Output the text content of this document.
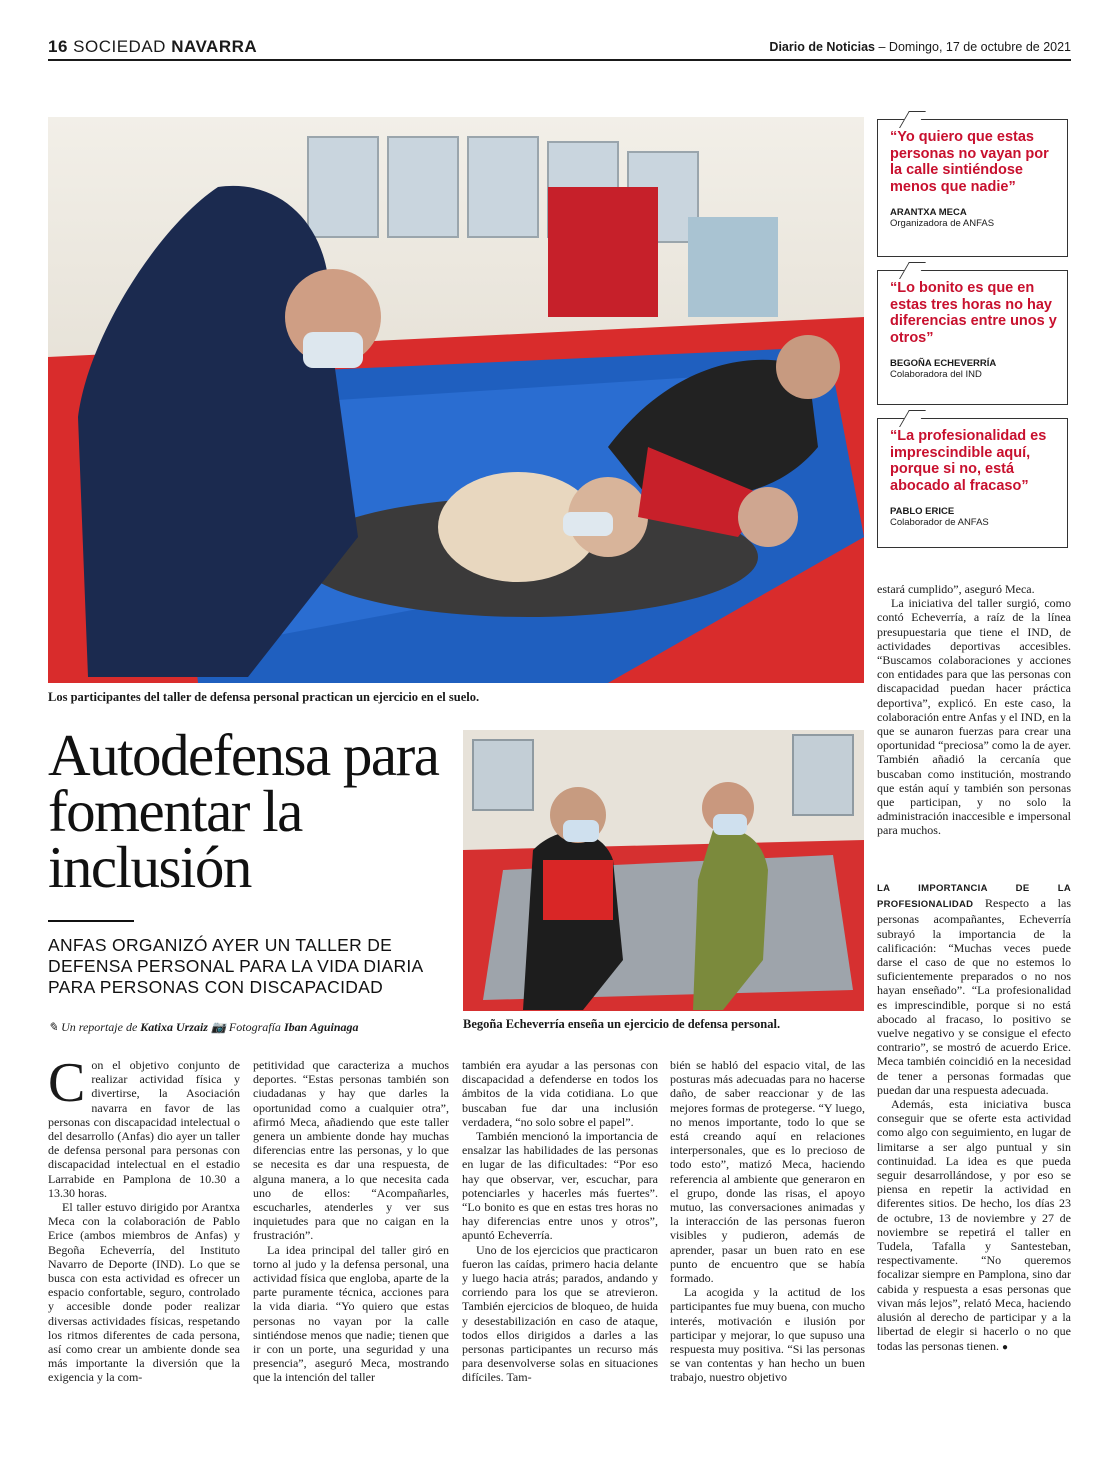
16 SOCIEDAD NAVARRA	Diario de Noticias – Domingo, 17 de octubre de 2021
Los participantes del taller de defensa personal practican un ejercicio en el suelo.
“Yo quiero que estas personas no vayan por la calle sintiéndose menos que nadie”
ARANTXA MECA
Organizadora de ANFAS
“Lo bonito es que en estas tres horas no hay diferencias entre unos y otros”
BEGOÑA ECHEVERRÍA
Colaboradora del IND
“La profesionalidad es imprescindible aquí, porque si no, está abocado al fracaso”
PABLO ERICE
Colaborador de ANFAS
Autodefensa para fomentar la inclusión
ANFAS ORGANIZÓ AYER UN TALLER DE DEFENSA PERSONAL PARA LA VIDA DIARIA PARA PERSONAS CON DISCAPACIDAD
✎ Un reportaje de Katixa Urzaiz 📷 Fotografía Iban Aguinaga	Begoña Echeverría enseña un ejercicio de defensa personal.

Con el objetivo conjunto de realizar actividad física y divertirse, la Asociación navarra en favor de las personas con discapacidad intelectual o del desarrollo (Anfas) dio ayer un taller de defensa personal para personas con discapacidad intelectual en el estadio Larrabide en Pamplona de 10.30 a 13.30 horas.

El taller estuvo dirigido por Arantxa Meca con la colaboración de Pablo Erice (ambos miembros de Anfas) y Begoña Echeverría, del Instituto Navarro de Deporte (IND). Lo que se busca con esta actividad es ofrecer un espacio confortable, seguro, controlado y accesible donde poder realizar diversas actividades físicas, respetando los ritmos diferentes de cada persona, así como crear un ambiente donde sea más importante la diversión que la exigencia y la com-

petitividad que caracteriza a muchos deportes. “Estas personas también son ciudadanas y hay que darles la oportunidad como a cualquier otra”, afirmó Meca, añadiendo que este taller genera un ambiente donde hay muchas diferencias entre las personas, y lo que se necesita es dar una respuesta, de alguna manera, a lo que necesita cada uno de ellos: “Acompañarles, escucharles, atenderles y ver sus inquietudes para que no caigan en la frustración”.

La idea principal del taller giró en torno al judo y la defensa personal, una actividad física que engloba, aparte de la parte puramente técnica, acciones para la vida diaria. “Yo quiero que estas personas no vayan por la calle sintiéndose menos que nadie; tienen que ir con un porte, una seguridad y una presencia”, aseguró Meca, mostrando que la intención del taller

también era ayudar a las personas con discapacidad a defenderse en todos los ámbitos de la vida cotidiana. Lo que buscaban fue dar una inclusión verdadera, “no solo sobre el papel”.

También mencionó la importancia de ensalzar las habilidades de las personas en lugar de las dificultades: “Por eso hay que observar, ver, escuchar, para potenciarles y hacerles más fuertes”. “Lo bonito es que en estas tres horas no hay diferencias entre unos y otros”, apuntó Echeverría.

Uno de los ejercicios que practicaron fueron las caídas, primero hacia delante y luego hacia atrás; parados, andando y corriendo para los que se atrevieron. También ejercicios de bloqueo, de huida y desestabilización en caso de ataque, todos ellos dirigidos a darles a las personas participantes un recurso más para desenvolverse solas en situaciones difíciles. Tam-

bién se habló del espacio vital, de las posturas más adecuadas para no hacerse daño, de saber reaccionar y de las mejores formas de protegerse. “Y luego, no menos importante, todo lo que se está creando aquí en relaciones interpersonales, que es lo precioso de todo esto”, matizó Meca, haciendo referencia al ambiente que generaron en el grupo, donde las risas, el apoyo mutuo, las conversaciones animadas y la interacción de las personas fueron visibles y pudieron, además de aprender, pasar un buen rato en ese punto de encuentro que se había formado.

La acogida y la actitud de los participantes fue muy buena, con mucho interés, motivación e ilusión por participar y mejorar, lo que supuso una respuesta muy positiva. “Si las personas se van contentas y han hecho un buen trabajo, nuestro objetivo

estará cumplido”, aseguró Meca.

La iniciativa del taller surgió, como contó Echeverría, a raíz de la línea presupuestaria que tiene el IND, de actividades deportivas accesibles. “Buscamos colaboraciones y acciones con entidades para que las personas con discapacidad puedan hacer práctica deportiva”, explicó. En este caso, la colaboración entre Anfas y el IND, en la que se aunaron fuerzas para crear una oportunidad “preciosa” como la de ayer. También añadió la cercanía que buscaban como institución, mostrando que están aquí y también son personas que participan, y no solo la administración inaccesible e impersonal para muchos.

LA IMPORTANCIA DE LA PROFESIONALIDAD Respecto a las personas acompañantes, Echeverría subrayó la importancia de la calificación: “Muchas veces puede darse el caso de que no estemos lo suficientemente preparados o no nos hayan enseñado”. “La profesionalidad es imprescindible, porque si no está abocado al fracaso, lo positivo se vuelve negativo y se consigue el efecto contrario”, se mostró de acuerdo Erice. Meca también coincidió en la necesidad de tener a personas formadas que puedan dar una respuesta adecuada.

Además, esta iniciativa busca conseguir que se oferte esta actividad como algo con seguimiento, en lugar de limitarse a ser algo puntual y sin continuidad. La idea es que pueda seguir desarrollándose, y por eso se piensa en repetir la actividad en diferentes sitios. De hecho, los días 23 de octubre, 13 de noviembre y 27 de noviembre se repetirá el taller en Tudela, Tafalla y Santesteban, respectivamente. “No queremos focalizar siempre en Pamplona, sino dar cabida y respuesta a esas personas que vivan más lejos”, relató Meca, haciendo alusión al derecho de participar y a la libertad de elegir si hacerlo o no que todas las personas tienen. ●
